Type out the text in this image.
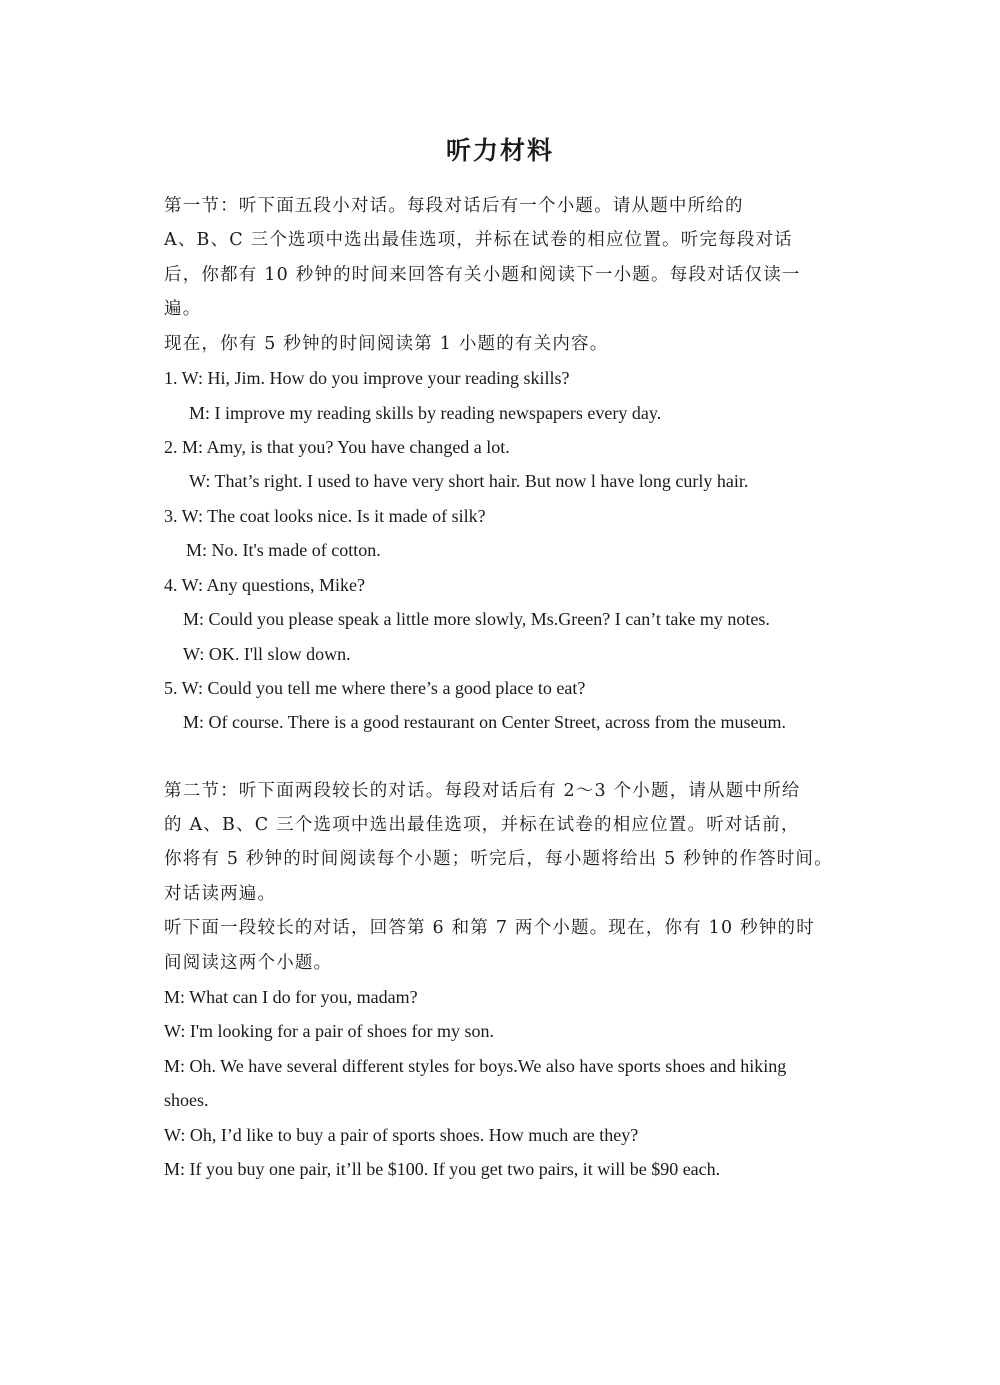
听力材料
第一节：听下面五段小对话。每段对话后有一个小题。请从题中所给的
A、B、C 三个选项中选出最佳选项，并标在试卷的相应位置。听完每段对话
后，你都有 10 秒钟的时间来回答有关小题和阅读下一小题。每段对话仅读一
遍。
现在，你有 5 秒钟的时间阅读第 1 小题的有关内容。
1. W: Hi, Jim. How do you improve your reading skills?
M: I improve my reading skills by reading newspapers every day.
2. M: Amy, is that you? You have changed a lot.
W: That’s right. I used to have very short hair. But now l have long curly hair.
3. W: The coat looks nice. Is it made of silk?
M: No. It's made of cotton.
4. W: Any questions, Mike?
M: Could you please speak a little more slowly, Ms.Green? I can’t take my notes.
W: OK. I'll slow down.
5. W: Could you tell me where there’s a good place to eat?
M: Of course. There is a good restaurant on Center Street, across from the museum.
第二节：听下面两段较长的对话。每段对话后有 2～3 个小题，请从题中所给
的 A、B、C 三个选项中选出最佳选项，并标在试卷的相应位置。听对话前，
你将有 5 秒钟的时间阅读每个小题；听完后，每小题将给出 5 秒钟的作答时间。
对话读两遍。
听下面一段较长的对话，回答第 6 和第 7 两个小题。现在，你有 10 秒钟的时
间阅读这两个小题。
M: What can I do for you, madam?
W: I'm looking for a pair of shoes for my son.
M: Oh. We have several different styles for boys.We also have sports shoes and hiking
shoes.
W: Oh, I’d like to buy a pair of sports shoes. How much are they?
M: If you buy one pair, it’ll be $100. If you get two pairs, it will be $90 each.
